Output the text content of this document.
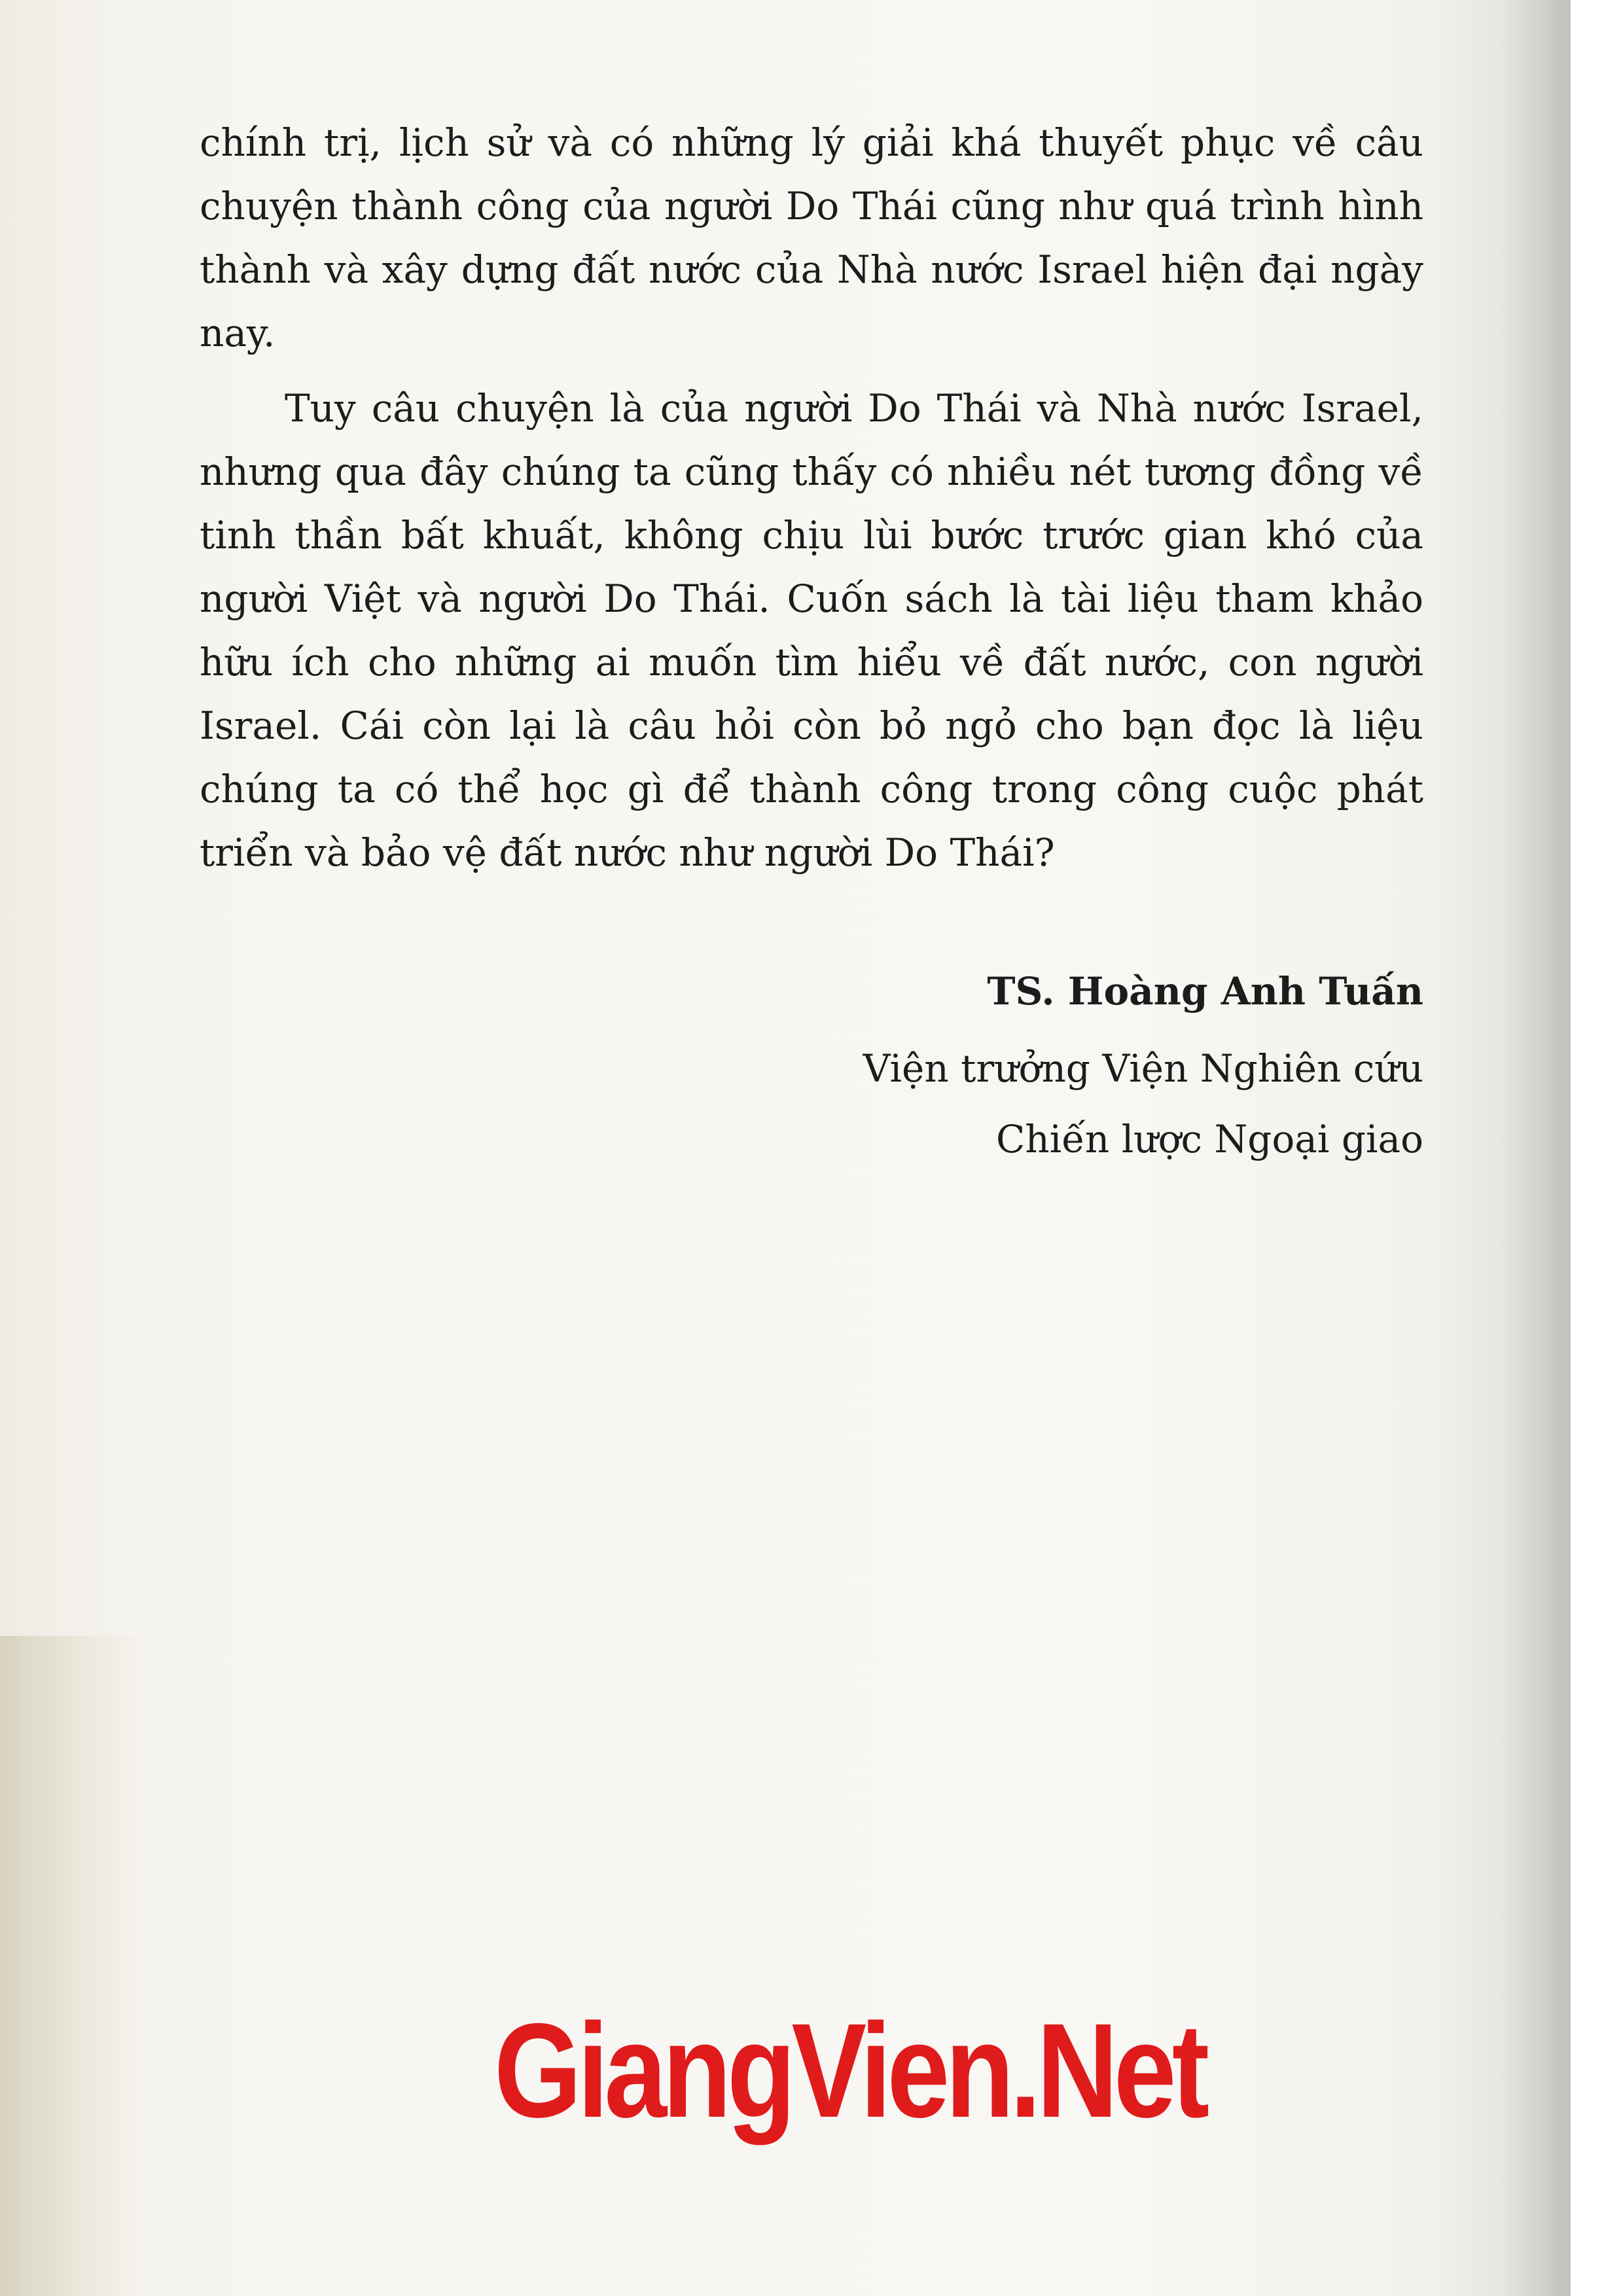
chính trị, lịch sử và có những lý giải khá thuyết phục về câu chuyện thành công của người Do Thái cũng như quá trình hình thành và xây dựng đất nước của Nhà nước Israel hiện đại ngày nay.

Tuy câu chuyện là của người Do Thái và Nhà nước Israel, nhưng qua đây chúng ta cũng thấy có nhiều nét tương đồng về tinh thần bất khuất, không chịu lùi bước trước gian khó của người Việt và người Do Thái. Cuốn sách là tài liệu tham khảo hữu ích cho những ai muốn tìm hiểu về đất nước, con người Israel. Cái còn lại là câu hỏi còn bỏ ngỏ cho bạn đọc là liệu chúng ta có thể học gì để thành công trong công cuộc phát triển và bảo vệ đất nước như người Do Thái?

TS. Hoàng Anh Tuấn

Viện trưởng Viện Nghiên cứu

Chiến lược Ngoại giao

GiangVien.Net
